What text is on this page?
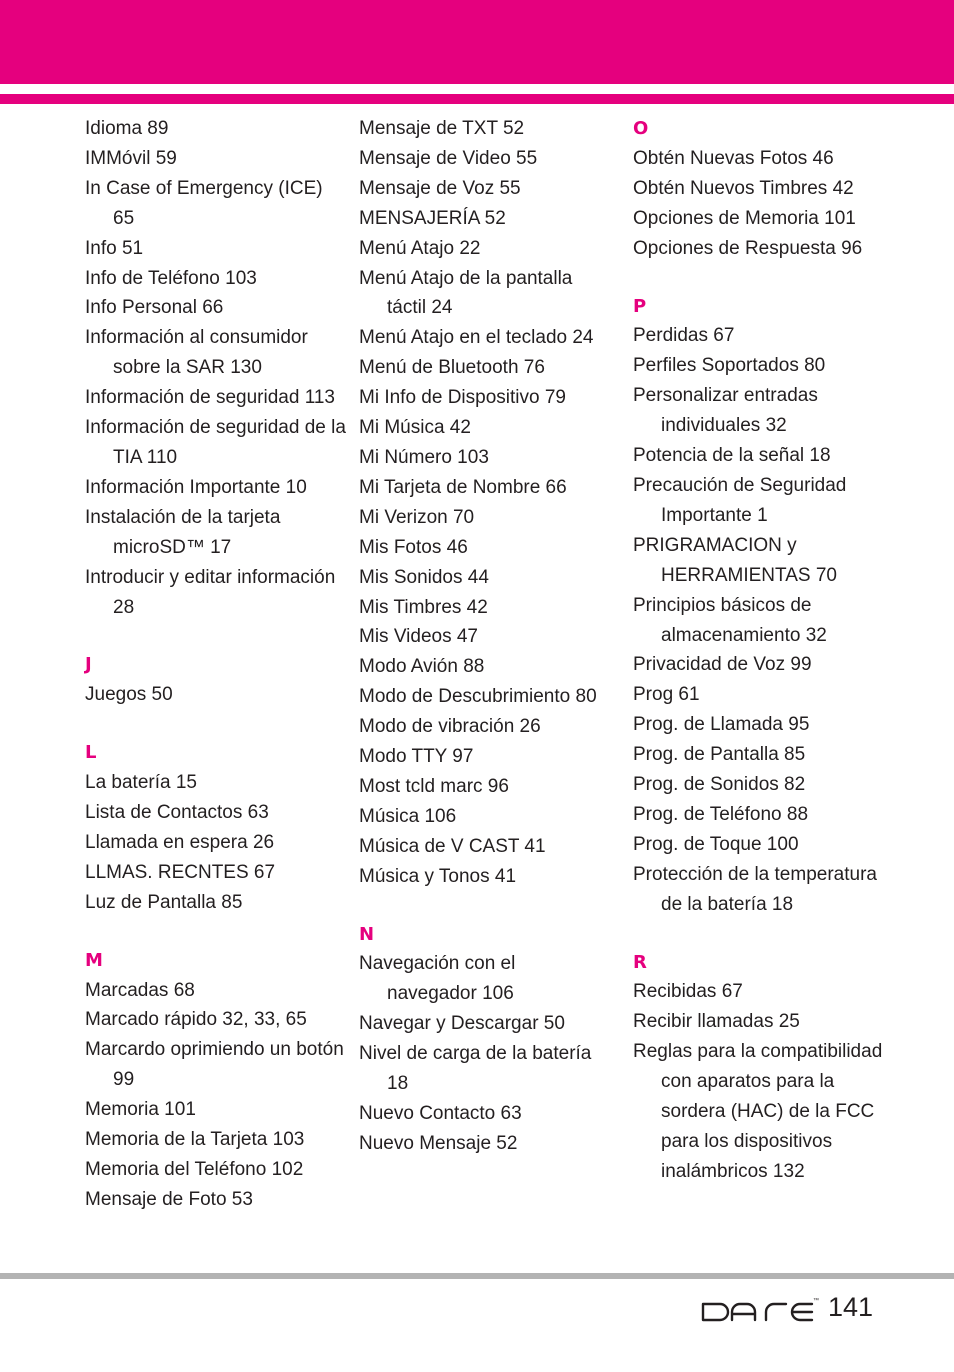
Idioma 89
IMMóvil 59
In Case of Emergency (ICE) 65
Info 51
Info de Teléfono 103
Info Personal 66
Información al consumidor sobre la SAR 130
Información de seguridad 113
Información de seguridad de la TIA 110
Información Importante 10
Instalación de la tarjeta microSD™ 17
Introducir y editar información 28
J
Juegos 50
L
La batería 15
Lista de Contactos 63
Llamada en espera 26
LLMAS. RECNTES 67
Luz de Pantalla 85
M
Marcadas 68
Marcado rápido 32, 33, 65
Marcardo oprimiendo un botón 99
Memoria 101
Memoria de la Tarjeta 103
Memoria del Teléfono 102
Mensaje de Foto 53
Mensaje de TXT 52
Mensaje de Video 55
Mensaje de Voz 55
MENSAJERÍA 52
Menú Atajo 22
Menú Atajo de la pantalla táctil 24
Menú Atajo en el teclado 24
Menú de Bluetooth 76
Mi Info de Dispositivo 79
Mi Música 42
Mi Número 103
Mi Tarjeta de Nombre 66
Mi Verizon 70
Mis Fotos 46
Mis Sonidos 44
Mis Timbres 42
Mis Videos 47
Modo Avión 88
Modo de Descubrimiento 80
Modo de vibración 26
Modo TTY 97
Most tcld marc 96
Música 106
Música de V CAST 41
Música y Tonos 41
N
Navegación con el navegador 106
Navegar y Descargar 50
Nivel de carga de la batería 18
Nuevo Contacto 63
Nuevo Mensaje 52
O
Obtén Nuevas Fotos 46
Obtén Nuevos Timbres 42
Opciones de Memoria 101
Opciones de Respuesta 96
P
Perdidas 67
Perfiles Soportados 80
Personalizar entradas individuales 32
Potencia de la señal 18
Precaución de Seguridad Importante 1
PRIGRAMACION y HERRAMIENTAS 70
Principios básicos de almacenamiento 32
Privacidad de Voz 99
Prog 61
Prog. de Llamada 95
Prog. de Pantalla 85
Prog. de Sonidos 82
Prog. de Teléfono 88
Prog. de Toque 100
Protección de la temperatura de la batería 18
R
Recibidas 67
Recibir llamadas 25
Reglas para la compatibilidad con aparatos para la sordera (HAC) de la FCC para los dispositivos inalámbricos 132
™ 141
